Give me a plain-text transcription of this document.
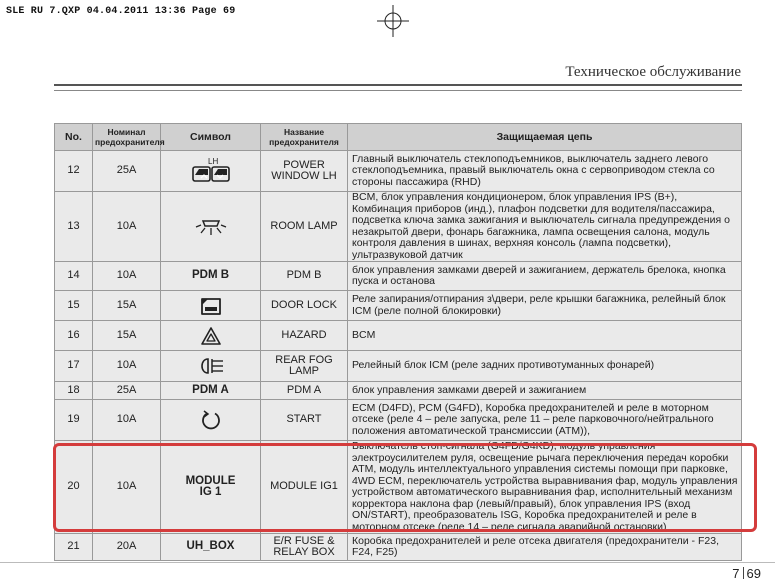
SLE RU 7.QXP 04.04.2011 13:36 Page 69
Техническое обслуживание
No.	Номинал предохранителя	Символ	Название предохранителя	Защищаемая цепь
12	25A	LH	POWER WINDOW LH	Главный выключатель стеклоподъемников, выключатель заднего левого стеклоподъемника, правый выключатель окна с сервоприводом стекла со стороны пассажира (RHD)
13	10A		ROOM LAMP	BCM, блок управления кондиционером, блок управления IPS (B+), Комбинация приборов (инд.), плафон подсветки для водителя/пассажира, подсветка ключа замка зажигания и выключатель сигнала предупреждения о незакрытой двери, фонарь багажника, лампа освещения салона, модуль контроля давления в шинах, верхняя консоль (лампа подсветки), ультразвуковой датчик
14	10A	PDM B	PDM B	блок управления замками дверей и зажиганием, держатель брелока, кнопка пуска и останова
15	15A		DOOR LOCK	Реле запирания/отпирания з\двери, реле крышки багажника, релейный блок ICM (реле полной блокировки)
16	15A		HAZARD	BCM
17	10A		REAR FOG LAMP	Релейный блок ICM (реле задних противотуманных фонарей)
18	25A	PDM A	PDM A	блок управления замками дверей и зажиганием
19	10A		START	ECM (D4FD), PCM (G4FD), Коробка предохранителей и реле в моторном отсеке (реле 4 – реле запуска, реле 11 – реле парковочного/нейтрального положения автоматической трансмиссии (ATM)),
20	10A	MODULE IG 1	MODULE IG1	Выключатель стоп-сигнала (G4FD/G4KD), модуль управления электроусилителем руля, освещение рычага переключения передач коробки ATM, модуль интеллектуального управления системы помощи при парковке, 4WD ECM, переключатель устройства выравнивания фар, модуль управления устройством автоматического выравнивания фар, исполнительный механизм корректора наклона фар (левый/правый), блок управления IPS (вход ON/START), преобразователь ISG, Коробка предохранителей и реле в моторном отсеке (реле 14 – реле сигнала аварийной остановки)
21	20A	UH_BOX	E/R FUSE & RELAY BOX	Коробка предохранителей и реле отсека двигателя (предохранители - F23, F24, F25)
7 69
